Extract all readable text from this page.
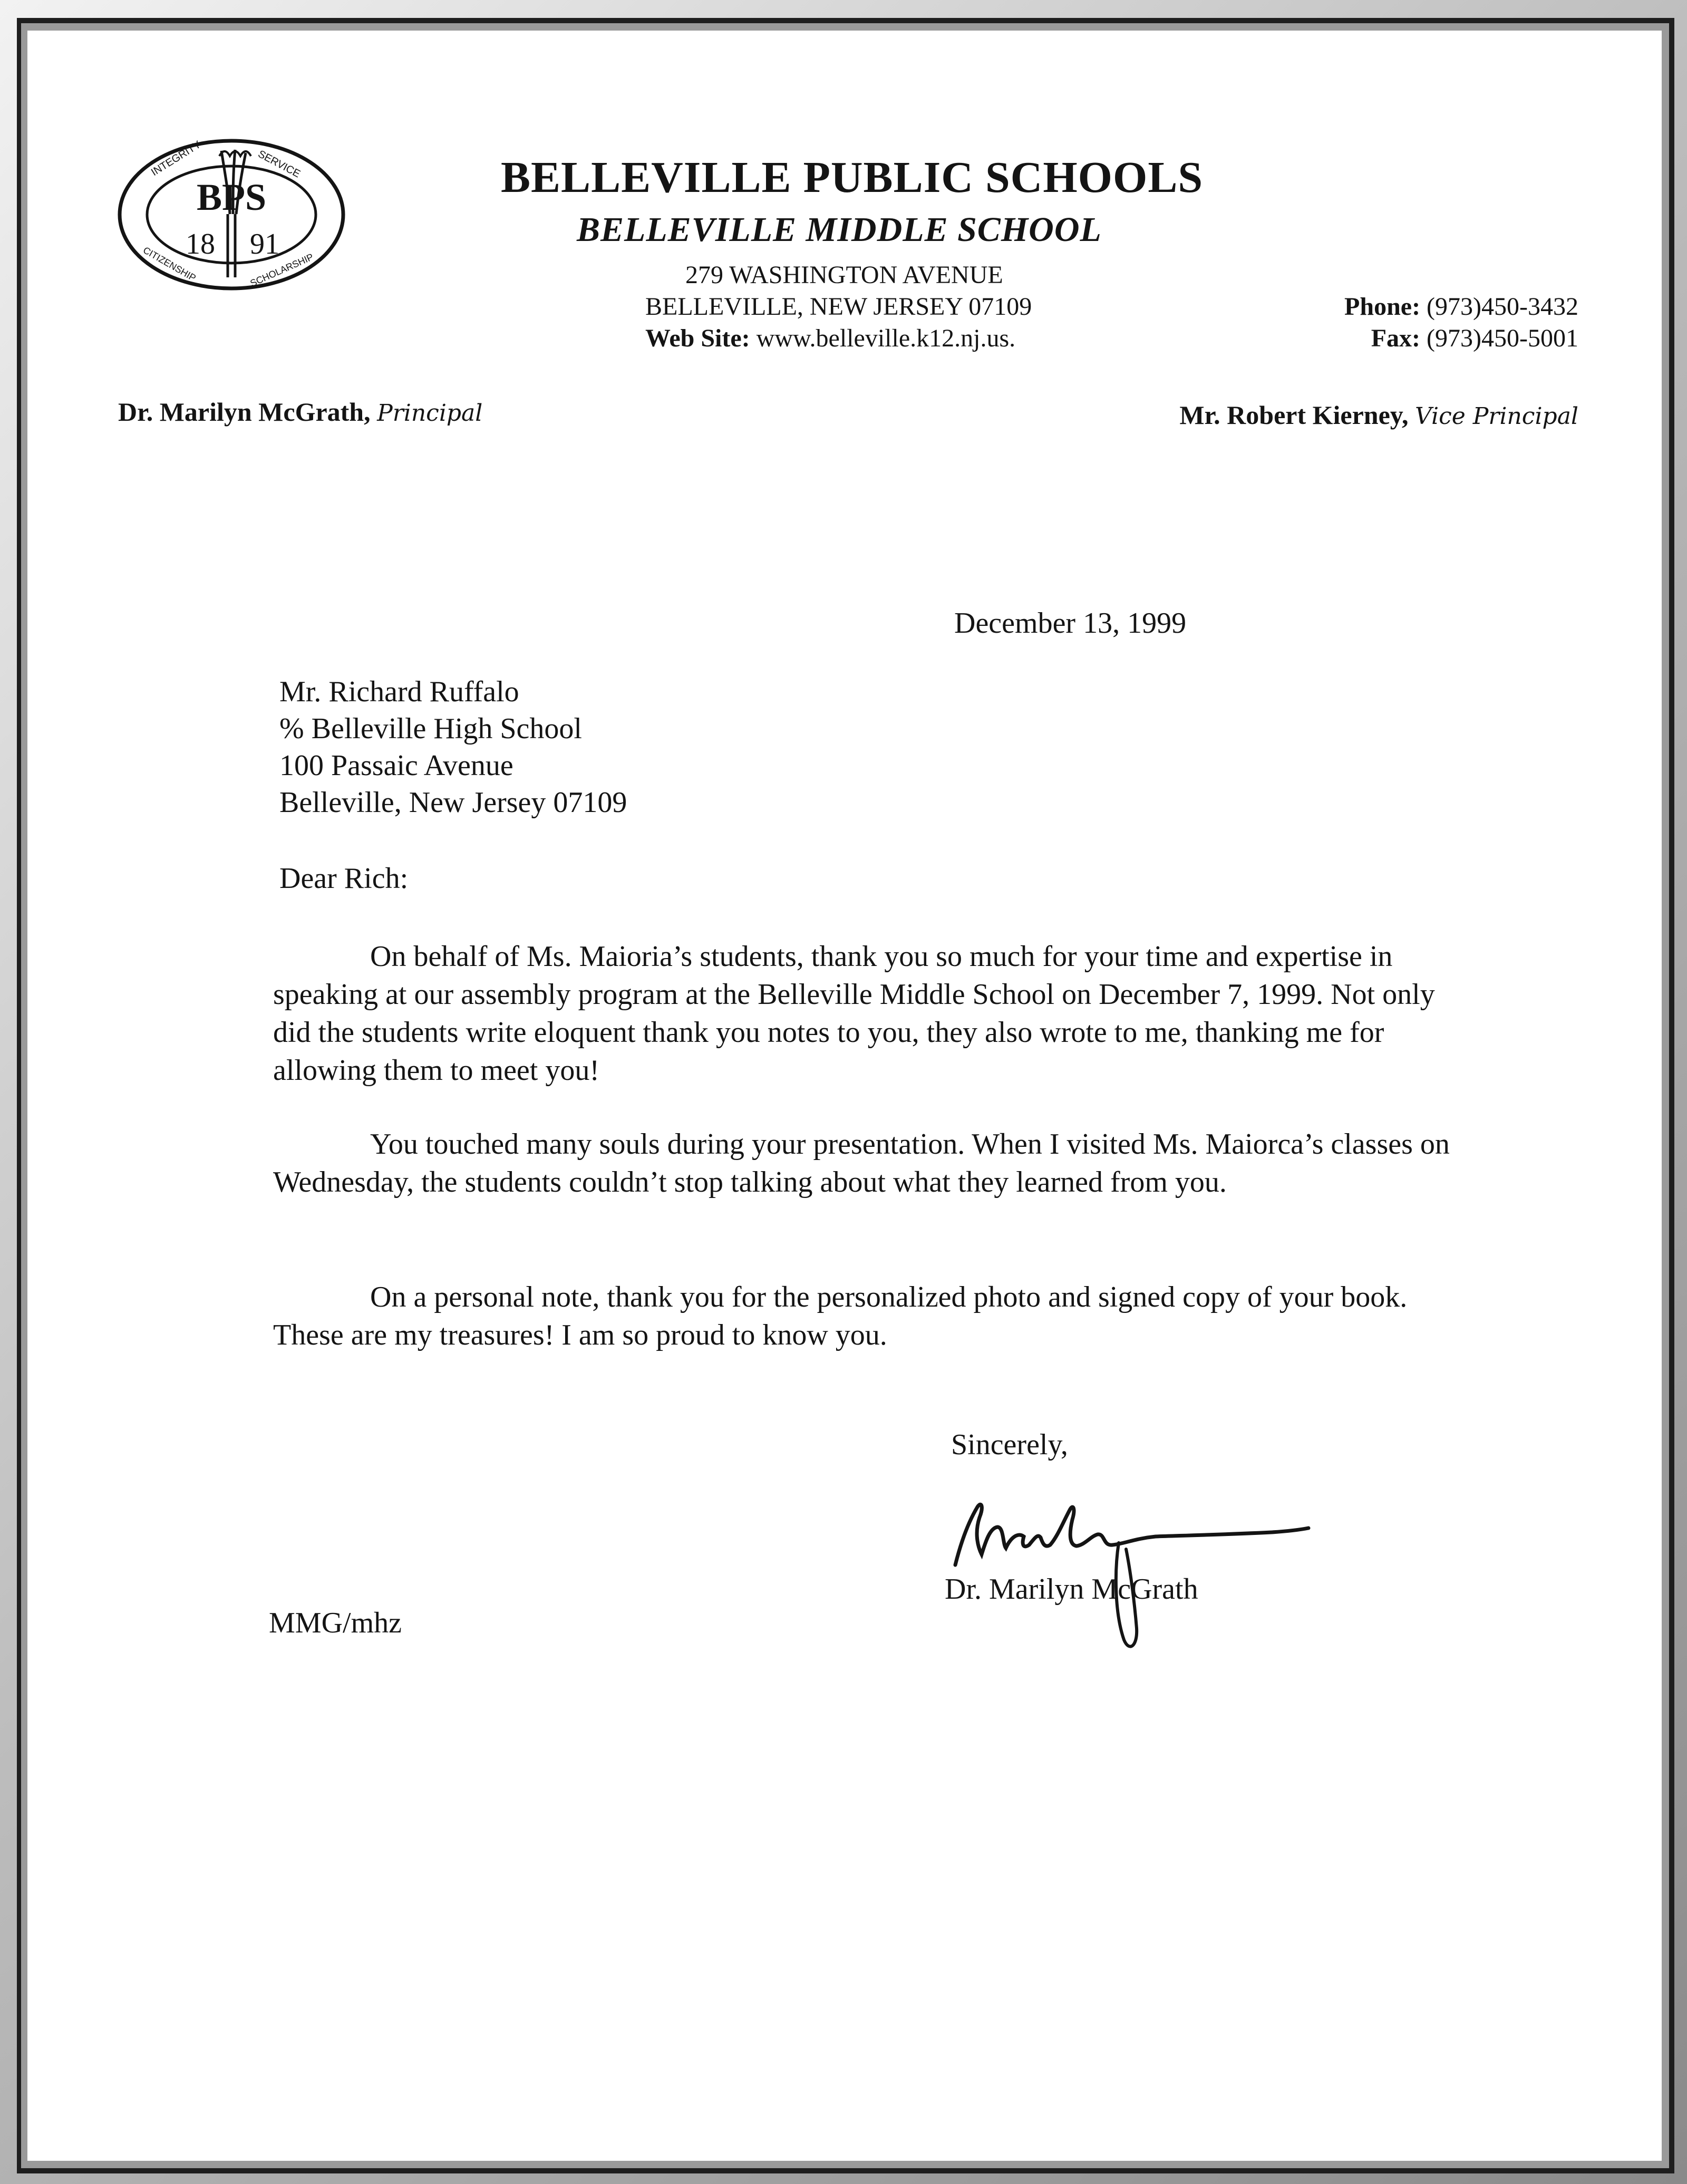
BPS
18 91
INTEGRITY	SERVICE
CITIZENSHIP	SCHOLARSHIP
BELLEVILLE PUBLIC SCHOOLS
BELLEVILLE MIDDLE SCHOOL
279 WASHINGTON AVENUE
BELLEVILLE, NEW JERSEY 07109
Web Site: www.belleville.k12.nj.us.
Phone: (973)450-3432
Fax: (973)450-5001
Dr. Marilyn McGrath, Principal	Mr. Robert Kierney, Vice Principal
December 13, 1999
Mr. Richard Ruffalo
% Belleville High School
100 Passaic Avenue
Belleville, New Jersey 07109
Dear Rich:

On behalf of Ms. Maioria’s students, thank you so much for your time and expertise in speaking at our assembly program at the Belleville Middle School on December 7, 1999. Not only did the students write eloquent thank you notes to you, they also wrote to me, thanking me for allowing them to meet you!

You touched many souls during your presentation. When I visited Ms. Maiorca’s classes on Wednesday, the students couldn’t stop talking about what they learned from you.

On a personal note, thank you for the personalized photo and signed copy of your book. These are my treasures! I am so proud to know you.

Sincerely,
Dr. Marilyn McGrath
MMG/mhz
